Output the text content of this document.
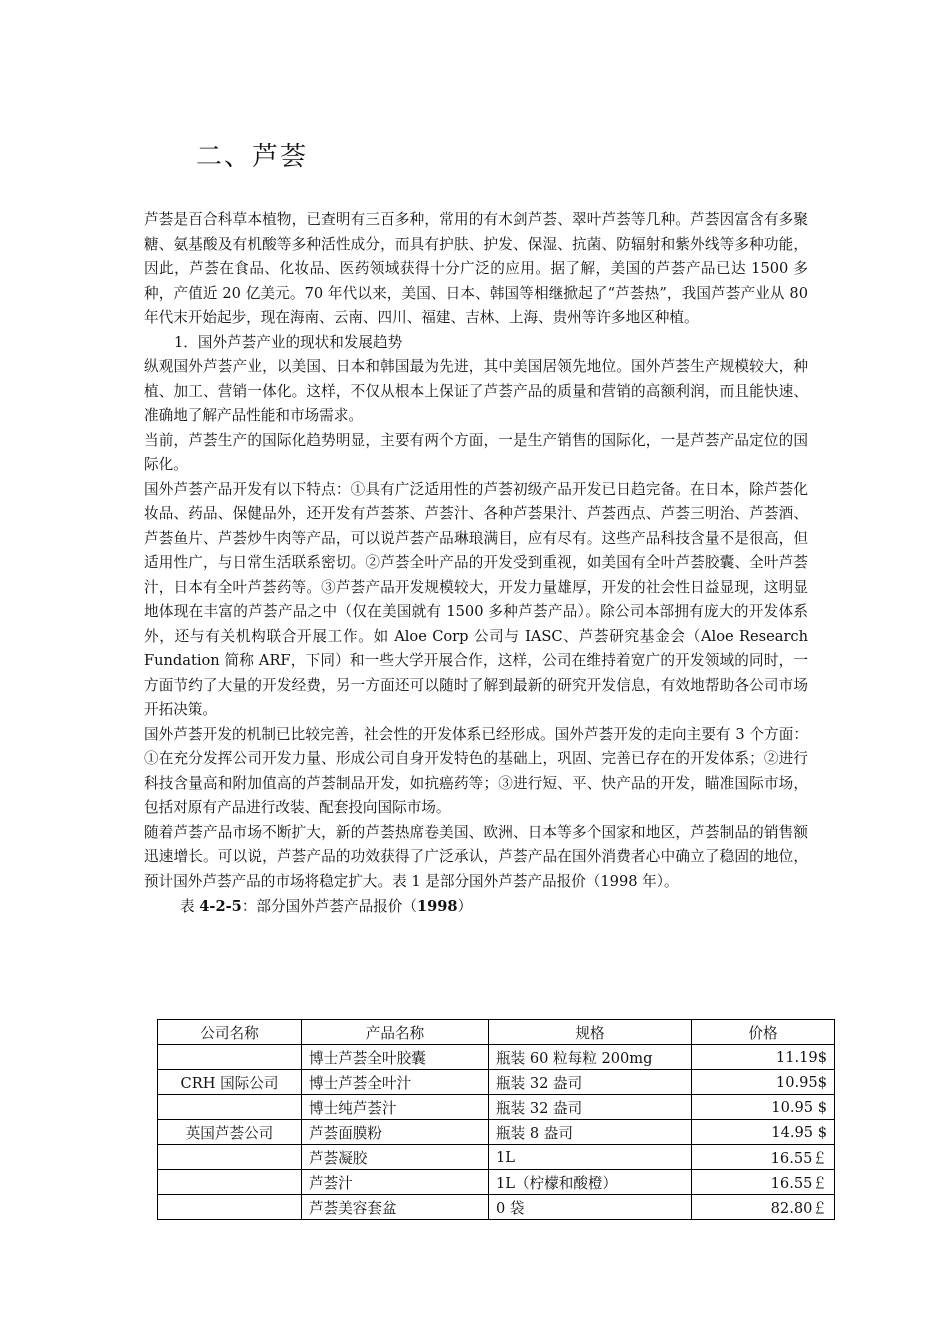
二、芦荟

芦荟是百合科草本植物，已查明有三百多种，常用的有木剑芦荟、翠叶芦荟等几种。芦荟因富含有多聚糖、氨基酸及有机酸等多种活性成分，而具有护肤、护发、保湿、抗菌、防辐射和紫外线等多种功能，因此，芦荟在食品、化妆品、医药领域获得十分广泛的应用。据了解，美国的芦荟产品已达 1500 多种，产值近 20 亿美元。70 年代以来，美国、日本、韩国等相继掀起了“芦荟热”，我国芦荟产业从 80 年代末开始起步，现在海南、云南、四川、福建、吉林、上海、贵州等许多地区种植。

1．国外芦荟产业的现状和发展趋势

纵观国外芦荟产业，以美国、日本和韩国最为先进，其中美国居领先地位。国外芦荟生产规模较大，种植、加工、营销一体化。这样，不仅从根本上保证了芦荟产品的质量和营销的高额利润，而且能快速、准确地了解产品性能和市场需求。

当前，芦荟生产的国际化趋势明显，主要有两个方面，一是生产销售的国际化，一是芦荟产品定位的国际化。

国外芦荟产品开发有以下特点：①具有广泛适用性的芦荟初级产品开发已日趋完备。在日本，除芦荟化妆品、药品、保健品外，还开发有芦荟茶、芦荟汁、各种芦荟果汁、芦荟西点、芦荟三明治、芦荟酒、芦荟鱼片、芦荟炒牛肉等产品，可以说芦荟产品琳琅满目，应有尽有。这些产品科技含量不是很高，但适用性广，与日常生活联系密切。②芦荟全叶产品的开发受到重视，如美国有全叶芦荟胶囊、全叶芦荟汁，日本有全叶芦荟药等。③芦荟产品开发规模较大，开发力量雄厚，开发的社会性日益显现，这明显地体现在丰富的芦荟产品之中（仅在美国就有 1500 多种芦荟产品）。除公司本部拥有庞大的开发体系外，还与有关机构联合开展工作。如 Aloe Corp 公司与 IASC、芦荟研究基金会（Aloe Research Fundation 简称 ARF，下同）和一些大学开展合作，这样，公司在维持着宽广的开发领域的同时，一方面节约了大量的开发经费，另一方面还可以随时了解到最新的研究开发信息，有效地帮助各公司市场开拓决策。

国外芦荟开发的机制已比较完善，社会性的开发体系已经形成。国外芦荟开发的走向主要有 3 个方面：①在充分发挥公司开发力量、形成公司自身开发特色的基础上，巩固、完善已存在的开发体系；②进行科技含量高和附加值高的芦荟制品开发，如抗癌药等；③进行短、平、快产品的开发，瞄准国际市场，包括对原有产品进行改装、配套投向国际市场。

随着芦荟产品市场不断扩大，新的芦荟热席卷美国、欧洲、日本等多个国家和地区，芦荟制品的销售额迅速增长。可以说，芦荟产品的功效获得了广泛承认，芦荟产品在国外消费者心中确立了稳固的地位，预计国外芦荟产品的市场将稳定扩大。表 1 是部分国外芦荟产品报价（1998 年）。

表 4-2-5：部分国外芦荟产品报价（1998）
公司名称	产品名称	规格	价格
	博士芦荟全叶胶囊	瓶装 60 粒每粒 200mg	11.19$
CRH 国际公司	博士芦荟全叶汁	瓶装 32 盎司	10.95$
	博士纯芦荟汁	瓶装 32 盎司	10.95 $
英国芦荟公司	芦荟面膜粉	瓶装 8 盎司	14.95 $
	芦荟凝胶	1L	16.55￡
	芦荟汁	1L（柠檬和酸橙）	16.55￡
	芦荟美容套盆	0 袋	82.80￡
